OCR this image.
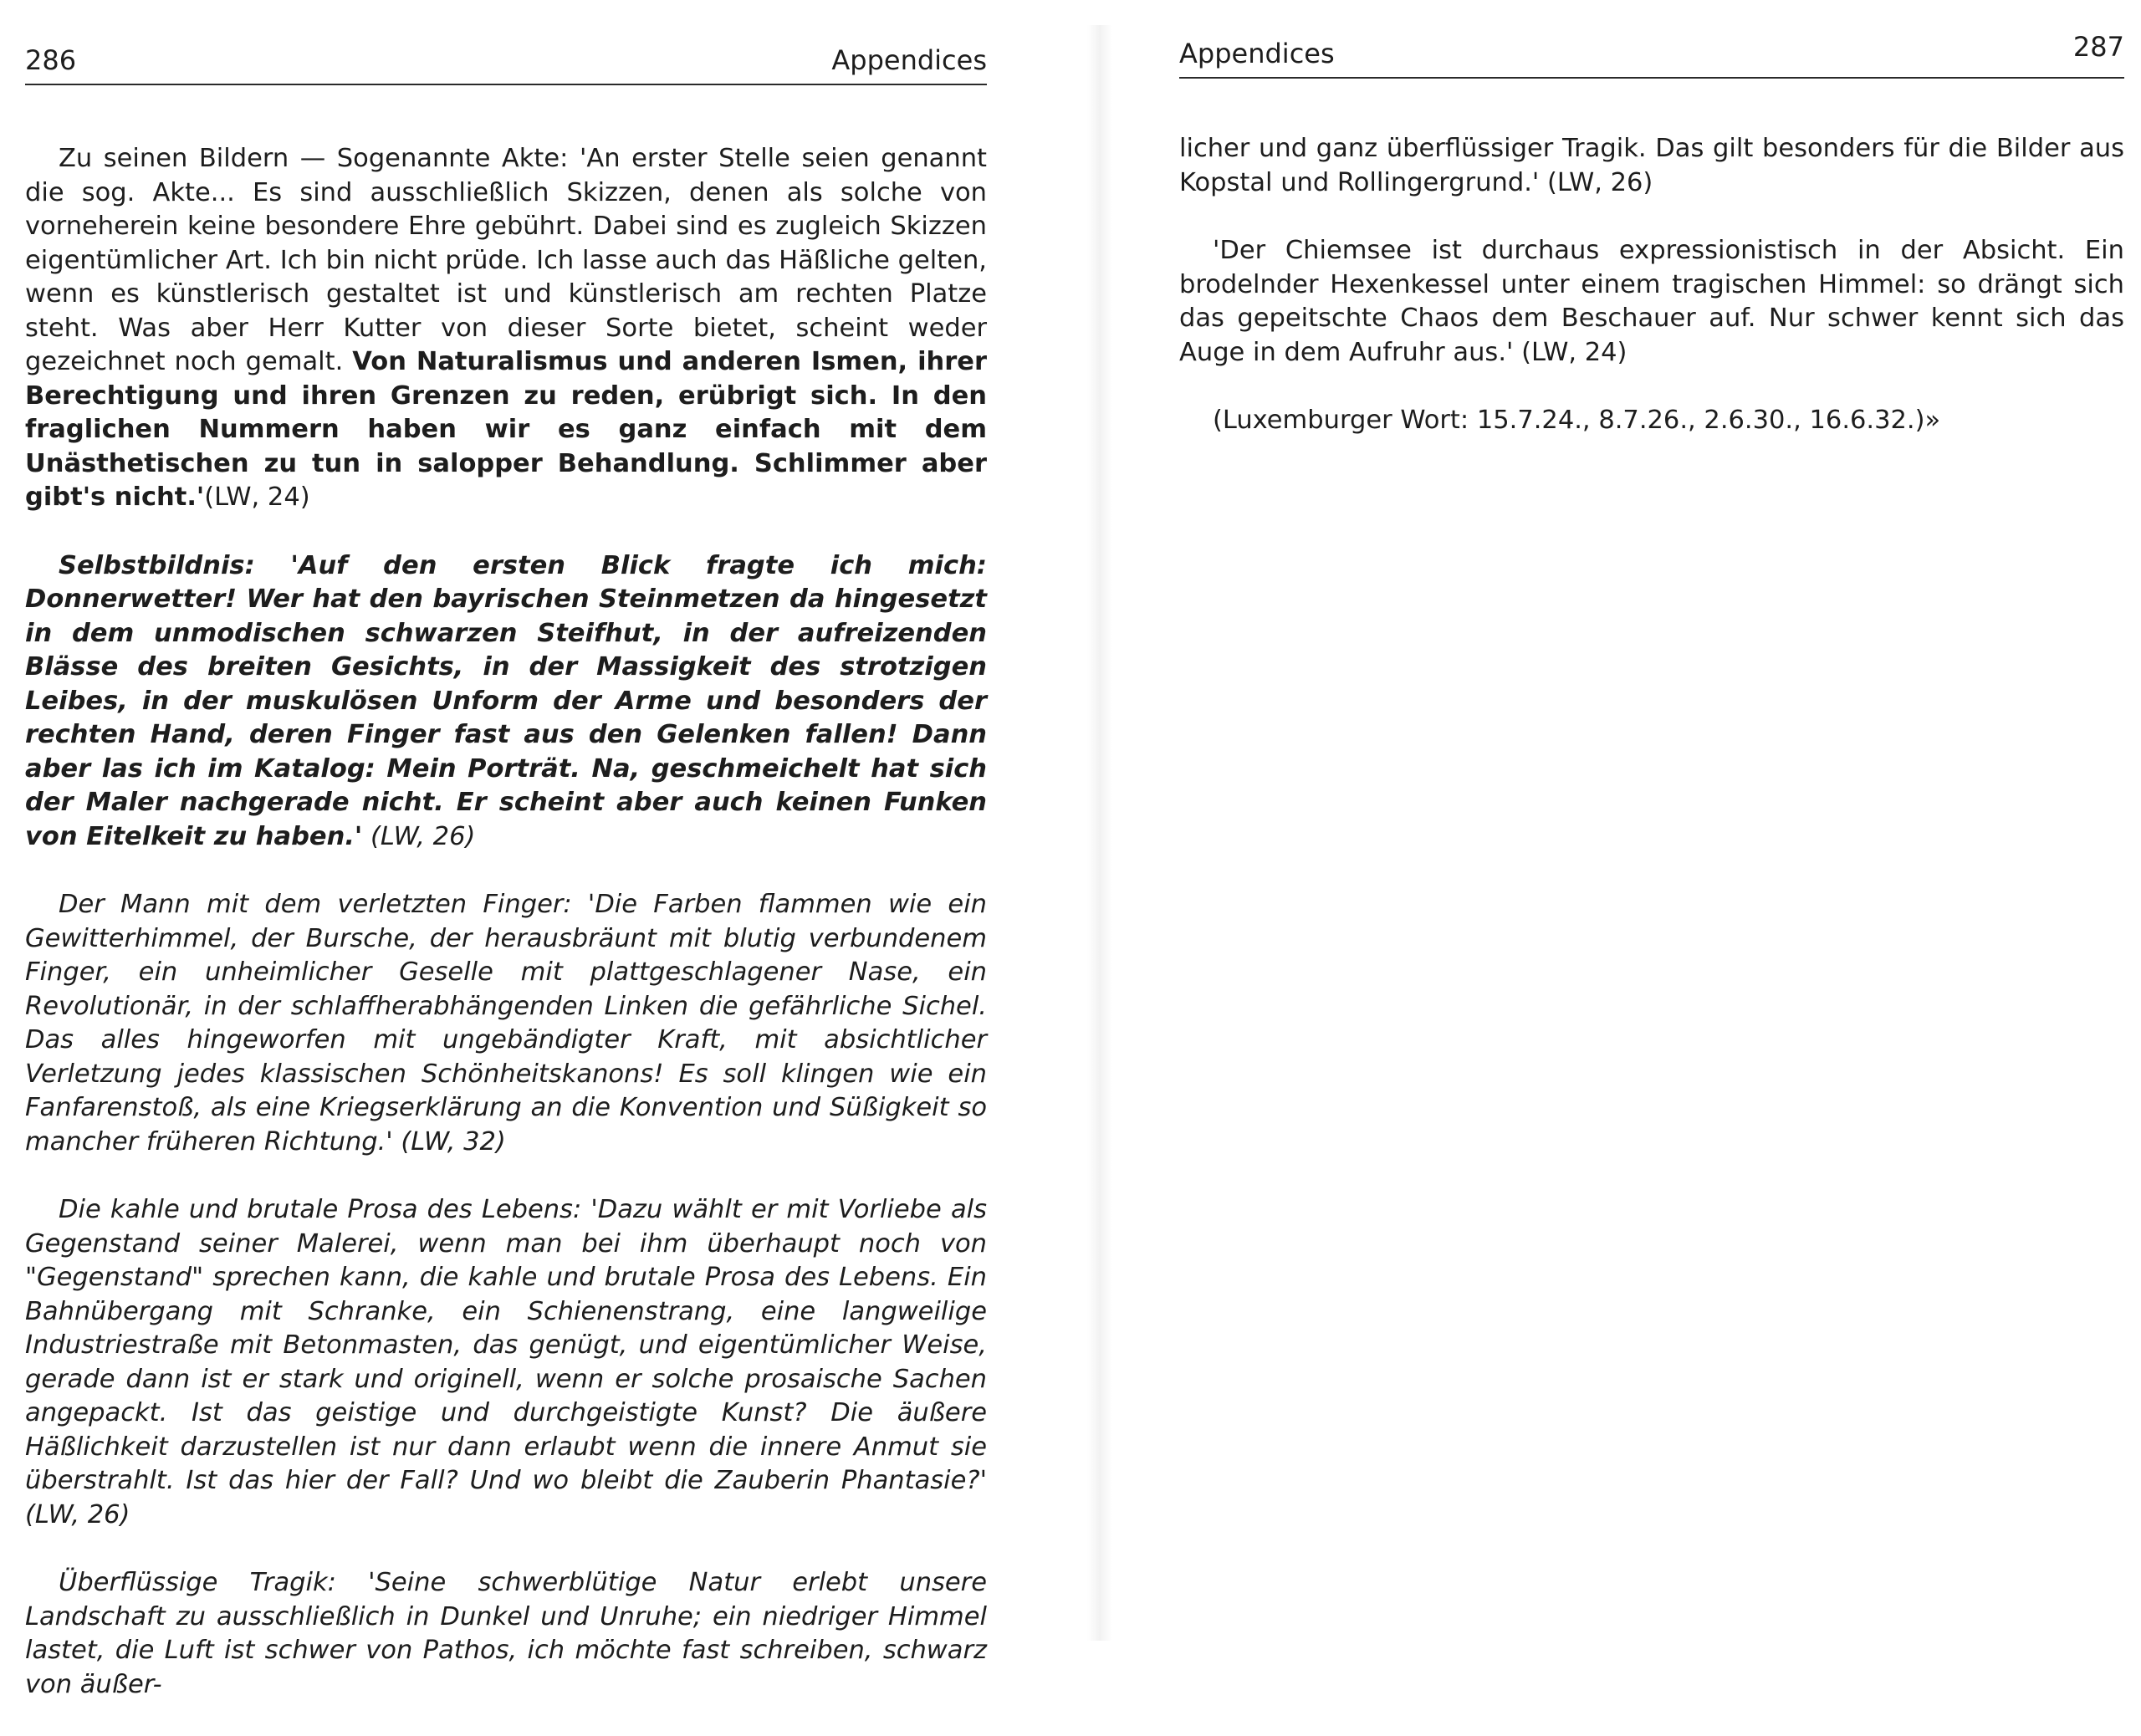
286	Appendices

Zu seinen Bildern — Sogenannte Akte: 'An erster Stelle seien genannt die sog. Akte... Es sind ausschließlich Skizzen, denen als solche von vorneherein keine besondere Ehre gebührt. Dabei sind es zugleich Skizzen eigentümlicher Art. Ich bin nicht prüde. Ich lasse auch das Häßliche gelten, wenn es künstlerisch gestaltet ist und künstlerisch am rechten Platze steht. Was aber Herr Kutter von dieser Sorte bietet, scheint weder gezeichnet noch gemalt. Von Naturalismus und anderen Ismen, ihrer Berechtigung und ihren Grenzen zu reden, erübrigt sich. In den fraglichen Nummern haben wir es ganz einfach mit dem Unästhetischen zu tun in salopper Behandlung. Schlimmer aber gibt's nicht.'(LW, 24)

Selbstbildnis: 'Auf den ersten Blick fragte ich mich: Donnerwetter! Wer hat den bayrischen Steinmetzen da hingesetzt in dem unmodischen schwarzen Steifhut, in der aufreizenden Blässe des breiten Gesichts, in der Massigkeit des strotzigen Leibes, in der muskulösen Unform der Arme und besonders der rechten Hand, deren Finger fast aus den Gelenken fallen! Dann aber las ich im Katalog: Mein Porträt. Na, geschmeichelt hat sich der Maler nachgerade nicht. Er scheint aber auch keinen Funken von Eitelkeit zu haben.' (LW, 26)

Der Mann mit dem verletzten Finger: 'Die Farben flammen wie ein Gewitterhimmel, der Bursche, der herausbräunt mit blutig verbundenem Finger, ein unheimlicher Geselle mit plattgeschlagener Nase, ein Revolutionär, in der schlaffherabhängenden Linken die gefährliche Sichel. Das alles hingeworfen mit ungebändigter Kraft, mit absichtlicher Verletzung jedes klassischen Schönheitskanons! Es soll klingen wie ein Fanfarenstoß, als eine Kriegserklärung an die Konvention und Süßigkeit so mancher früheren Richtung.' (LW, 32)

Die kahle und brutale Prosa des Lebens: 'Dazu wählt er mit Vorliebe als Gegenstand seiner Malerei, wenn man bei ihm überhaupt noch von "Gegenstand" sprechen kann, die kahle und brutale Prosa des Lebens. Ein Bahnübergang mit Schranke, ein Schienenstrang, eine langweilige Industriestraße mit Betonmasten, das genügt, und eigentümlicher Weise, gerade dann ist er stark und originell, wenn er solche prosaische Sachen angepackt. Ist das geistige und durchgeistigte Kunst? Die äußere Häßlichkeit darzustellen ist nur dann erlaubt wenn die innere Anmut sie überstrahlt. Ist das hier der Fall? Und wo bleibt die Zauberin Phantasie?' (LW, 26)

Überflüssige Tragik: 'Seine schwerblütige Natur erlebt unsere Landschaft zu ausschließlich in Dunkel und Unruhe; ein niedriger Himmel lastet, die Luft ist schwer von Pathos, ich möchte fast schreiben, schwarz von äußer-

Appendices	287

licher und ganz überflüssiger Tragik. Das gilt besonders für die Bilder aus Kopstal und Rollingergrund.' (LW, 26)

'Der Chiemsee ist durchaus expressionistisch in der Absicht. Ein brodelnder Hexenkessel unter einem tragischen Himmel: so drängt sich das gepeitschte Chaos dem Beschauer auf. Nur schwer kennt sich das Auge in dem Aufruhr aus.' (LW, 24)

(Luxemburger Wort: 15.7.24., 8.7.26., 2.6.30., 16.6.32.)»
